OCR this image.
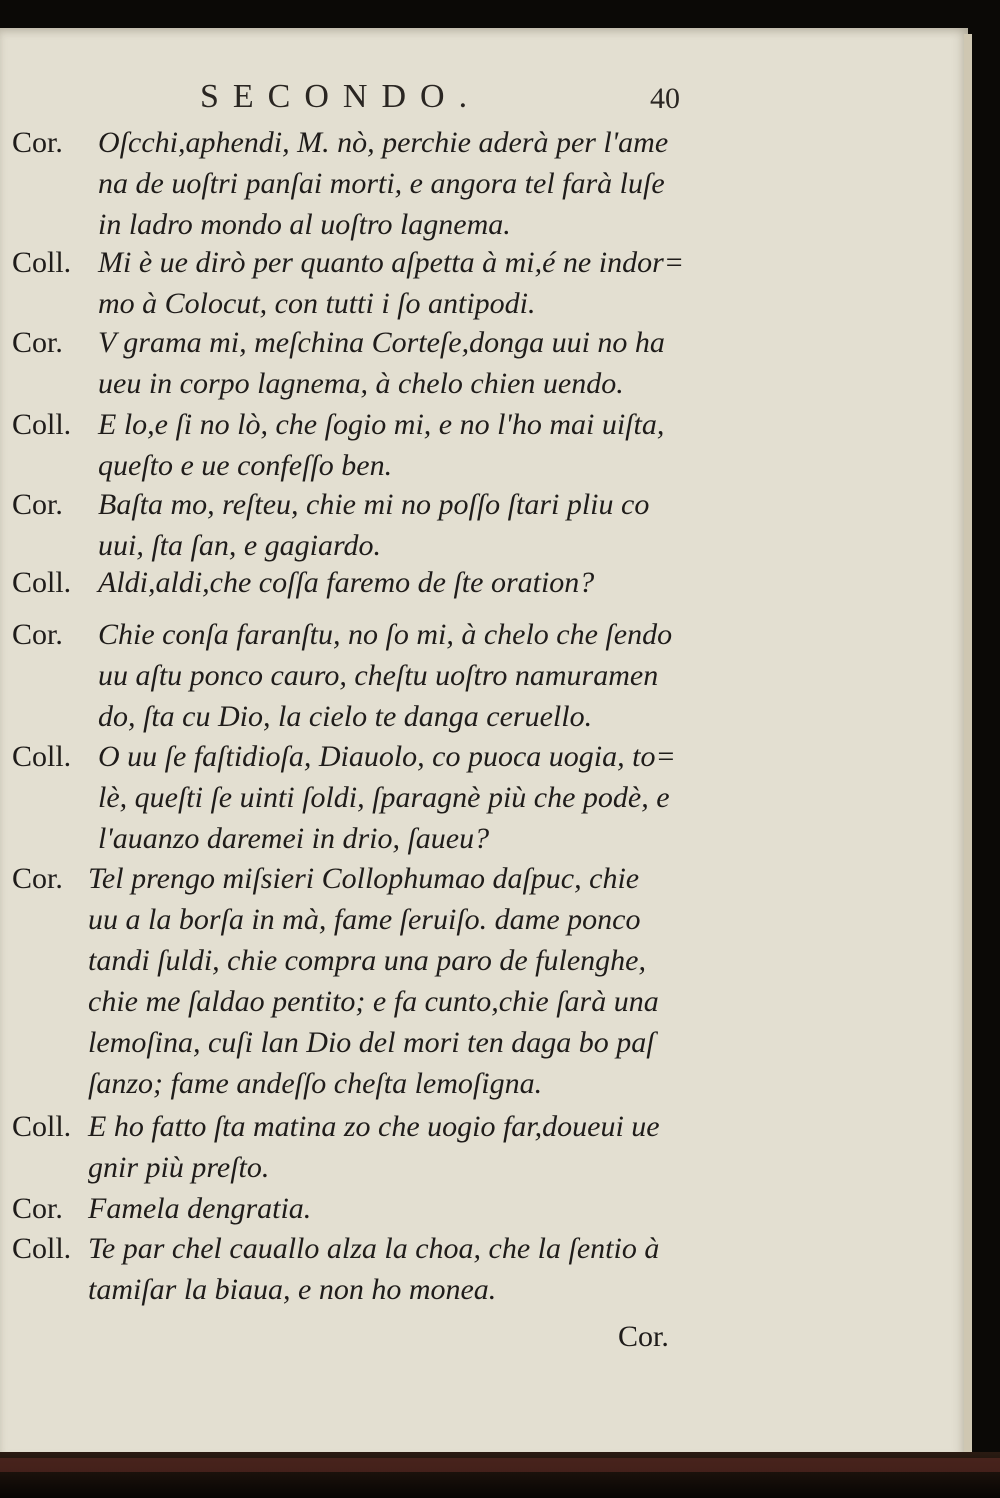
SECONDO.	40
Cor. Oſcchi,aphendi, M. nò, perchie aderà per l'ame
na de uoſtri panſai morti, e angora tel farà luſe
in ladro mondo al uoſtro lagnema.
Coll. Mi è ue dirò per quanto aſpetta à mi,é ne indor=
mo à Colocut, con tutti i ſo antipodi.
Cor. V grama mi, meſchina Corteſe,donga uui no ha
ueu in corpo lagnema, à chelo chien uendo.
Coll. E lo,e ſi no lò, che ſogio mi, e no l'ho mai uiſta,
queſto e ue confeſſo ben.
Cor. Baſta mo, reſteu, chie mi no poſſo ſtari pliu co
uui, ſta ſan, e gagiardo.
Coll. Aldi,aldi,che coſſa faremo de ſte oration?
Cor. Chie conſa faranſtu, no ſo mi, à chelo che ſendo
uu aſtu ponco cauro, cheſtu uoſtro namuramen
do, ſta cu Dio, la cielo te danga ceruello.
Coll. O uu ſe faſtidioſa, Diauolo, co puoca uogia, to=
lè, queſti ſe uinti ſoldi, ſparagnè più che podè, e
l'auanzo daremei in drio, ſaueu?
Cor. Tel prengo miſsieri Collophumao daſpuc, chie
uu a la borſa in mà, fame ſeruiſo. dame ponco
tandi ſuldi, chie compra una paro de fulenghe,
chie me ſaldao pentito; e fa cunto,chie ſarà una
lemoſina, cuſi lan Dio del mori ten daga bo paſ
ſanzo; fame andeſſo cheſta lemoſigna.
Coll. E ho fatto ſta matina zo che uogio far,doueui ue
gnir più preſto.
Cor. Famela dengratia.
Coll. Te par chel cauallo alza la choa, che la ſentio à
tamiſar la biaua, e non ho monea.
Cor.
